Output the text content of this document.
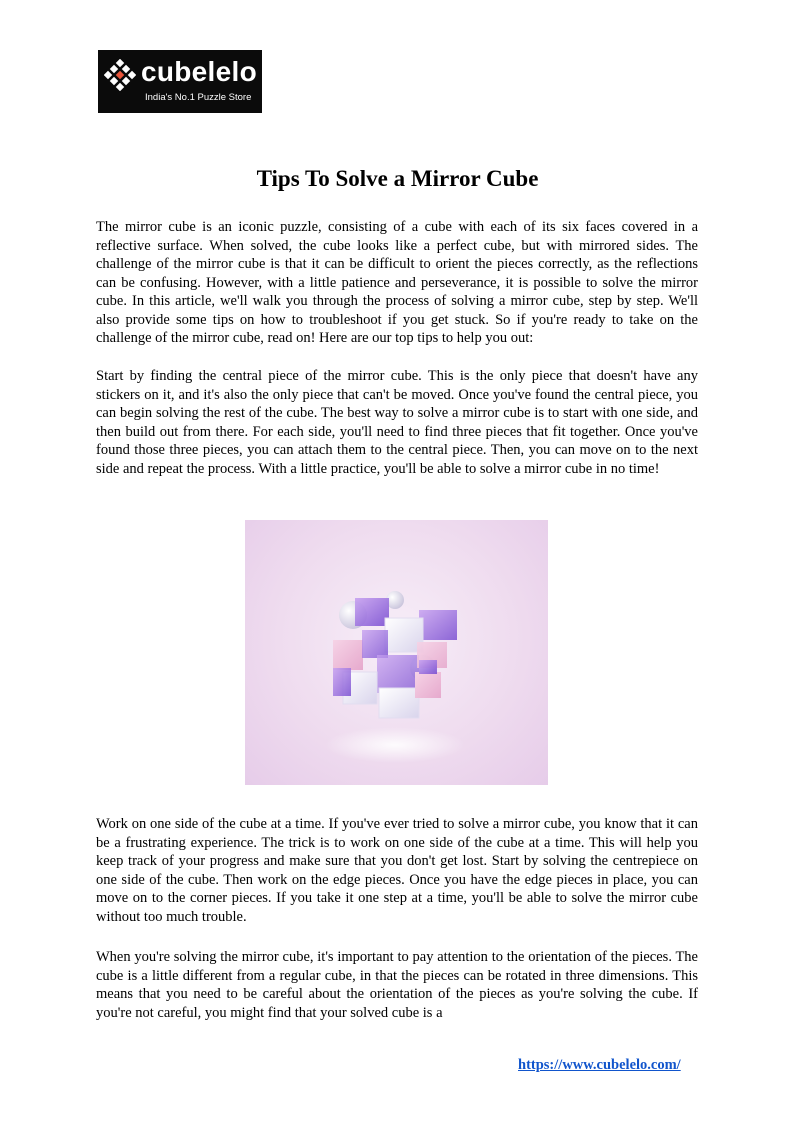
cubelelo
India's No.1 Puzzle Store
Tips To Solve a Mirror Cube

The mirror cube is an iconic puzzle, consisting of a cube with each of its six faces covered in a reflective surface. When solved, the cube looks like a perfect cube, but with mirrored sides. The challenge of the mirror cube is that it can be difficult to orient the pieces correctly, as the reflections can be confusing. However, with a little patience and perseverance, it is possible to solve the mirror cube. In this article, we'll walk you through the process of solving a mirror cube, step by step. We'll also provide some tips on how to troubleshoot if you get stuck. So if you're ready to take on the challenge of the mirror cube, read on! Here are our top tips to help you out:

Start by finding the central piece of the mirror cube. This is the only piece that doesn't have any stickers on it, and it's also the only piece that can't be moved. Once you've found the central piece, you can begin solving the rest of the cube. The best way to solve a mirror cube is to start with one side, and then build out from there. For each side, you'll need to find three pieces that fit together. Once you've found those three pieces, you can attach them to the central piece. Then, you can move on to the next side and repeat the process. With a little practice, you'll be able to solve a mirror cube in no time!

Work on one side of the cube at a time. If you've ever tried to solve a mirror cube, you know that it can be a frustrating experience. The trick is to work on one side of the cube at a time. This will help you keep track of your progress and make sure that you don't get lost. Start by solving the centrepiece on one side of the cube. Then work on the edge pieces. Once you have the edge pieces in place, you can move on to the corner pieces. If you take it one step at a time, you'll be able to solve the mirror cube without too much trouble.

When you're solving the mirror cube, it's important to pay attention to the orientation of the pieces. The cube is a little different from a regular cube, in that the pieces can be rotated in three dimensions. This means that you need to be careful about the orientation of the pieces as you're solving the cube. If you're not careful, you might find that your solved cube is a

https://www.cubelelo.com/
